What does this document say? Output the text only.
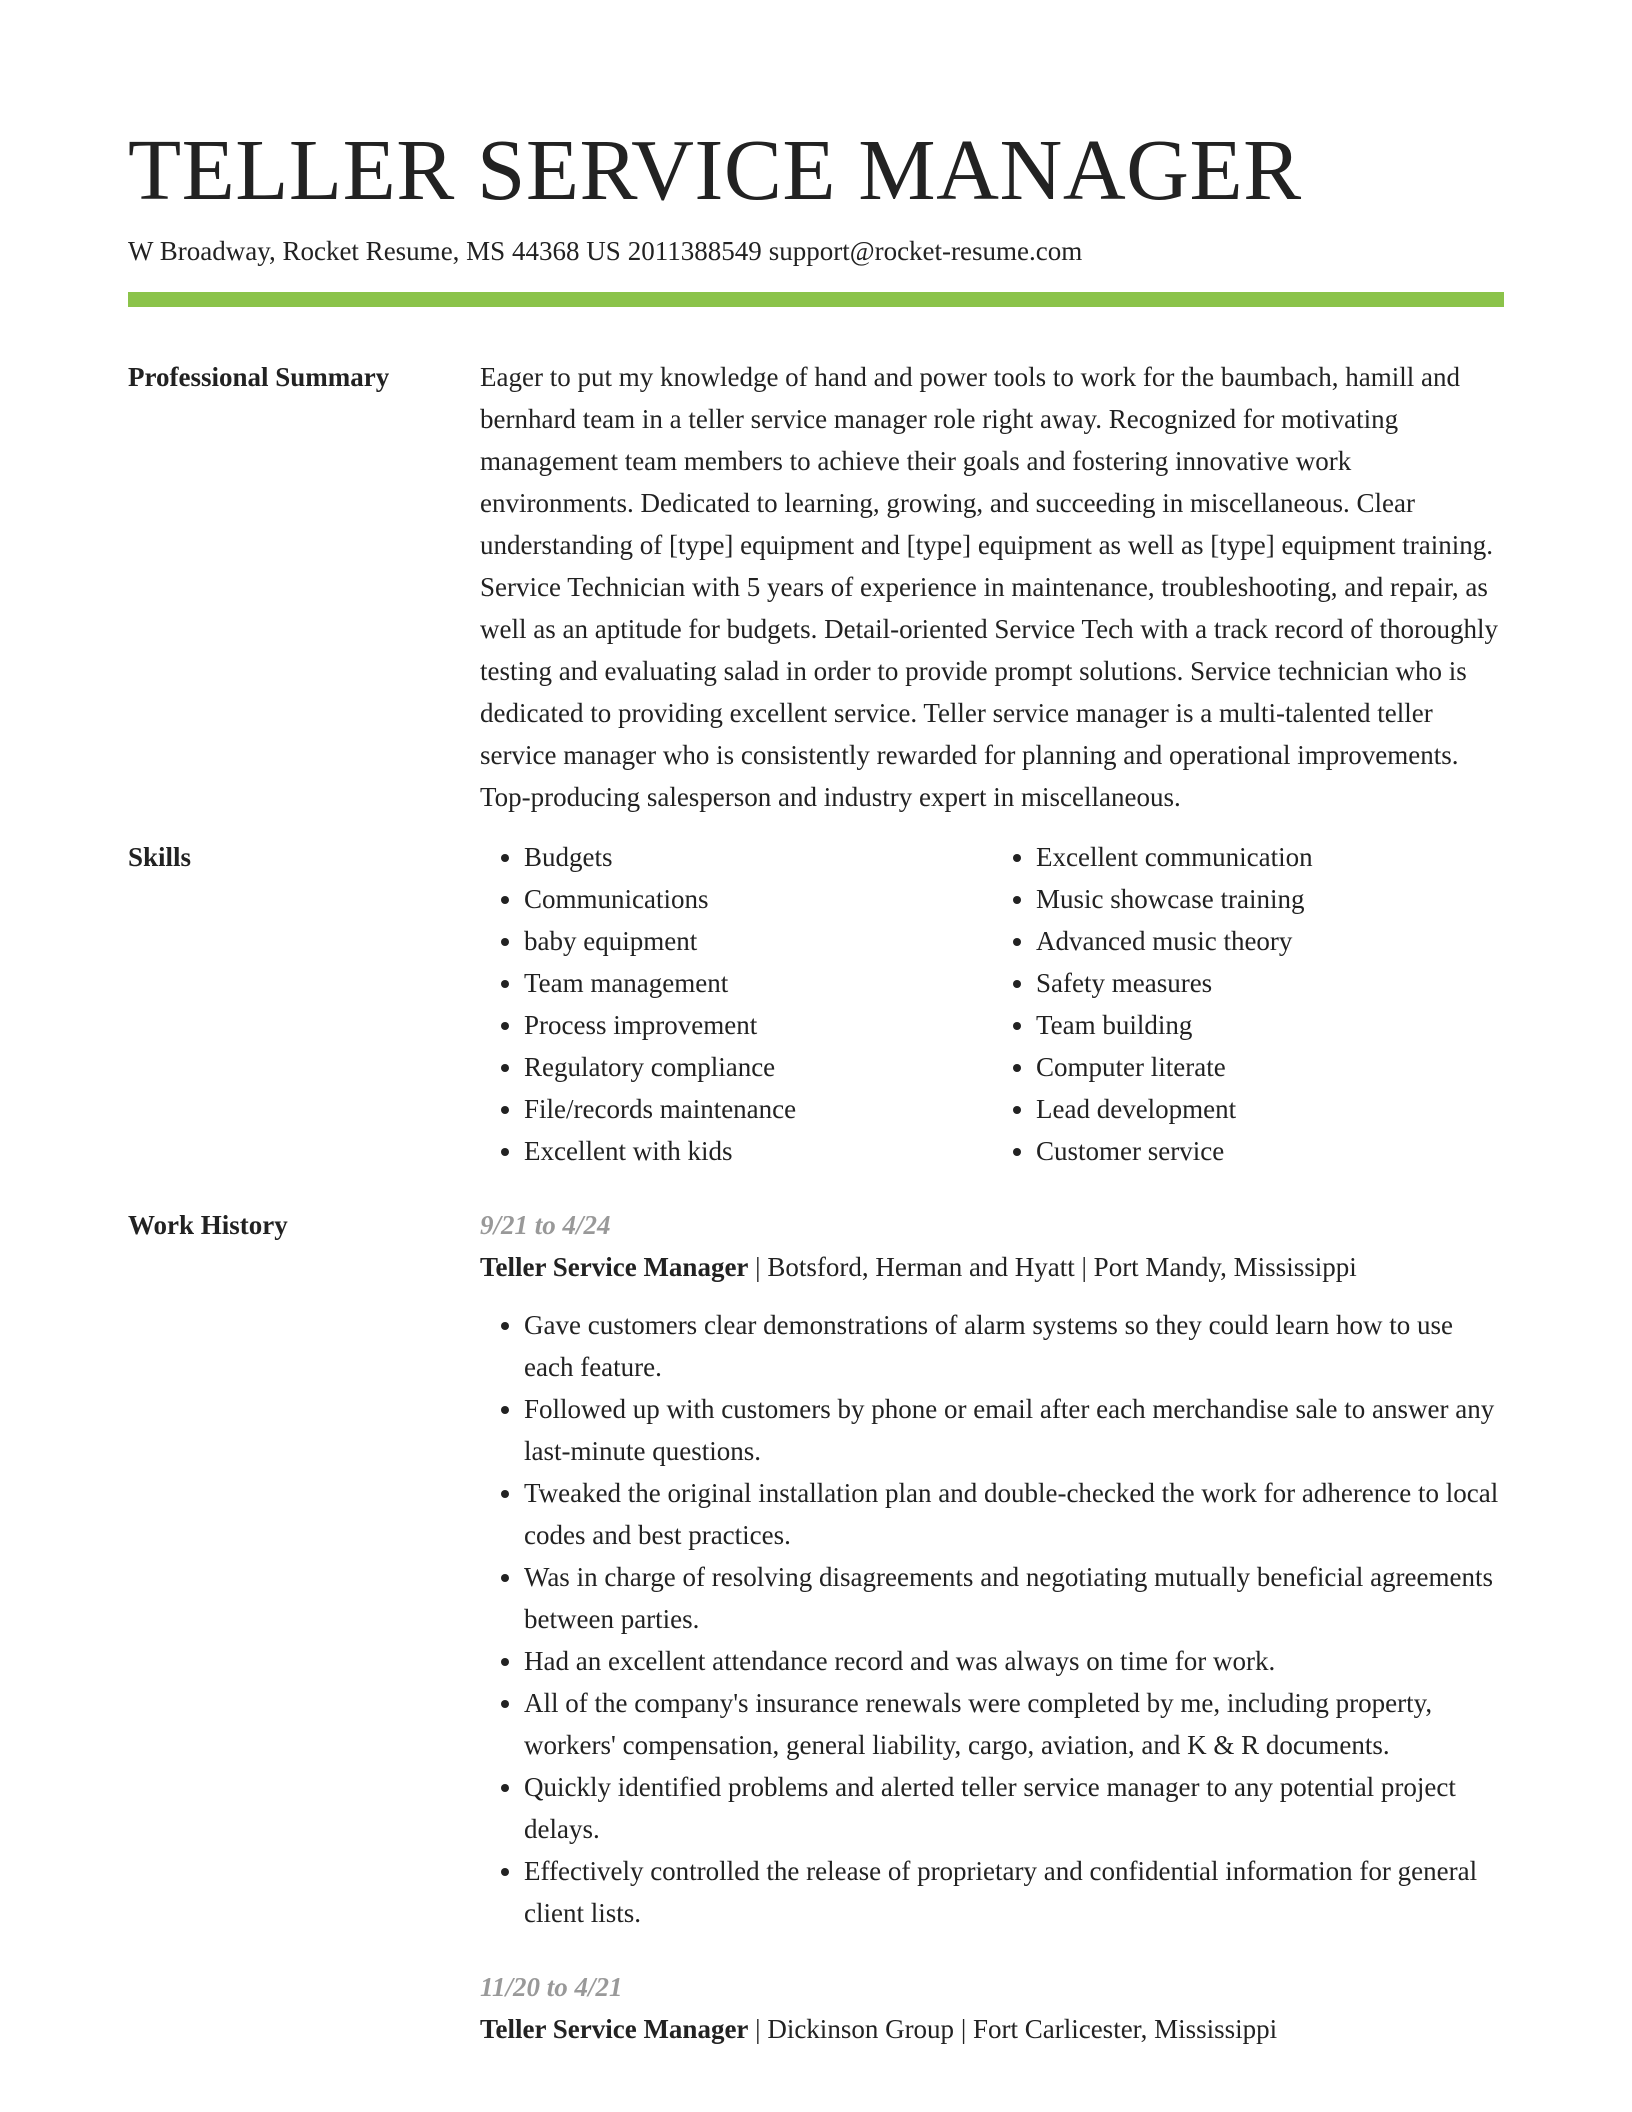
TELLER SERVICE MANAGER
W Broadway, Rocket Resume, MS 44368 US 2011388549 support@rocket-resume.com
Professional Summary	Eager to put my knowledge of hand and power tools to work for the baumbach, hamill and bernhard team in a teller service manager role right away. Recognized for motivating management team members to achieve their goals and fostering innovative work environments. Dedicated to learning, growing, and succeeding in miscellaneous. Clear understanding of [type] equipment and [type] equipment as well as [type] equipment training. Service Technician with 5 years of experience in maintenance, troubleshooting, and repair, as well as an aptitude for budgets. Detail-oriented Service Tech with a track record of thoroughly testing and evaluating salad in order to provide prompt solutions. Service technician who is dedicated to providing excellent service. Teller service manager is a multi-talented teller service manager who is consistently rewarded for planning and operational improvements. Top-producing salesperson and industry expert in miscellaneous.

Skills
•	Budgets
• Communications
• baby equipment
• Team management
• Process improvement
• Regulatory compliance
• File/records maintenance
• Excellent with kids
• Excellent communication
• Music showcase training
• Advanced music theory
• Safety measures
• Team building
• Computer literate
• Lead development
• Customer service
Work History	9/21 to 4/24
Teller Service Manager | Botsford, Herman and Hyatt | Port Mandy, Mississippi
• Gave customers clear demonstrations of alarm systems so they could learn how to use each feature.
• Followed up with customers by phone or email after each merchandise sale to answer any last-minute questions.
• Tweaked the original installation plan and double-checked the work for adherence to local codes and best practices.
• Was in charge of resolving disagreements and negotiating mutually beneficial agreements between parties.
• Had an excellent attendance record and was always on time for work.
• All of the company's insurance renewals were completed by me, including property, workers' compensation, general liability, cargo, aviation, and K & R documents.
• Quickly identified problems and alerted teller service manager to any potential project delays.
• Effectively controlled the release of proprietary and confidential information for general client lists.
11/20 to 4/21
Teller Service Manager | Dickinson Group | Fort Carlicester, Mississippi
